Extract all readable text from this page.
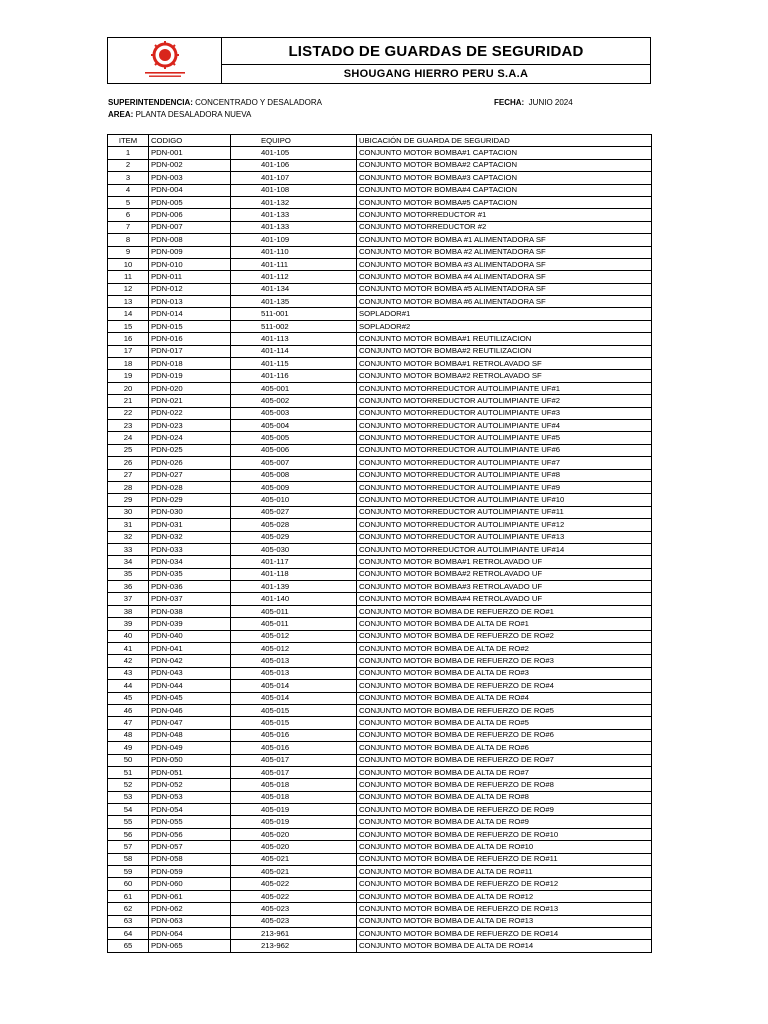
LISTADO DE GUARDAS DE SEGURIDAD
SHOUGANG HIERRO PERU S.A.A
SUPERINTENDENCIA: CONCENTRADO Y DESALADORA	FECHA: JUNIO 2024
AREA: PLANTA DESALADORA NUEVA
ITEM	CODIGO	EQUIPO	UBICACIÓN DE GUARDA DE SEGURIDAD
1	PDN-001	401-105	CONJUNTO MOTOR BOMBA#1 CAPTACION
2	PDN-002	401-106	CONJUNTO MOTOR BOMBA#2 CAPTACION
3	PDN-003	401-107	CONJUNTO MOTOR BOMBA#3 CAPTACION
4	PDN-004	401-108	CONJUNTO MOTOR BOMBA#4 CAPTACION
5	PDN-005	401-132	CONJUNTO MOTOR BOMBA#5 CAPTACION
6	PDN-006	401-133	CONJUNTO MOTORREDUCTOR #1
7	PDN-007	401-133	CONJUNTO MOTORREDUCTOR #2
8	PDN-008	401-109	CONJUNTO MOTOR BOMBA #1 ALIMENTADORA SF
9	PDN-009	401-110	CONJUNTO MOTOR BOMBA #2 ALIMENTADORA SF
10	PDN-010	401-111	CONJUNTO MOTOR BOMBA #3 ALIMENTADORA SF
11	PDN-011	401-112	CONJUNTO MOTOR BOMBA #4 ALIMENTADORA SF
12	PDN-012	401-134	CONJUNTO MOTOR BOMBA #5 ALIMENTADORA SF
13	PDN-013	401-135	CONJUNTO MOTOR BOMBA #6 ALIMENTADORA SF
14	PDN-014	511-001	SOPLADOR#1
15	PDN-015	511-002	SOPLADOR#2
16	PDN-016	401-113	CONJUNTO MOTOR BOMBA#1 REUTILIZACION
17	PDN-017	401-114	CONJUNTO MOTOR BOMBA#2 REUTILIZACION
18	PDN-018	401-115	CONJUNTO MOTOR BOMBA#1 RETROLAVADO SF
19	PDN-019	401-116	CONJUNTO MOTOR BOMBA#2 RETROLAVADO SF
20	PDN-020	405-001	CONJUNTO MOTORREDUCTOR AUTOLIMPIANTE UF#1
21	PDN-021	405-002	CONJUNTO MOTORREDUCTOR AUTOLIMPIANTE UF#2
22	PDN-022	405-003	CONJUNTO MOTORREDUCTOR AUTOLIMPIANTE UF#3
23	PDN-023	405-004	CONJUNTO MOTORREDUCTOR AUTOLIMPIANTE UF#4
24	PDN-024	405-005	CONJUNTO MOTORREDUCTOR AUTOLIMPIANTE UF#5
25	PDN-025	405-006	CONJUNTO MOTORREDUCTOR AUTOLIMPIANTE UF#6
26	PDN-026	405-007	CONJUNTO MOTORREDUCTOR AUTOLIMPIANTE UF#7
27	PDN-027	405-008	CONJUNTO MOTORREDUCTOR AUTOLIMPIANTE UF#8
28	PDN-028	405-009	CONJUNTO MOTORREDUCTOR AUTOLIMPIANTE UF#9
29	PDN-029	405-010	CONJUNTO MOTORREDUCTOR AUTOLIMPIANTE UF#10
30	PDN-030	405-027	CONJUNTO MOTORREDUCTOR AUTOLIMPIANTE UF#11
31	PDN-031	405-028	CONJUNTO MOTORREDUCTOR AUTOLIMPIANTE UF#12
32	PDN-032	405-029	CONJUNTO MOTORREDUCTOR AUTOLIMPIANTE UF#13
33	PDN-033	405-030	CONJUNTO MOTORREDUCTOR AUTOLIMPIANTE UF#14
34	PDN-034	401-117	CONJUNTO MOTOR BOMBA#1 RETROLAVADO UF
35	PDN-035	401-118	CONJUNTO MOTOR BOMBA#2 RETROLAVADO UF
36	PDN-036	401-139	CONJUNTO MOTOR BOMBA#3 RETROLAVADO UF
37	PDN-037	401-140	CONJUNTO MOTOR BOMBA#4 RETROLAVADO UF
38	PDN-038	405-011	CONJUNTO MOTOR BOMBA DE REFUERZO DE RO#1
39	PDN-039	405-011	CONJUNTO MOTOR BOMBA DE ALTA DE RO#1
40	PDN-040	405-012	CONJUNTO MOTOR BOMBA DE REFUERZO DE RO#2
41	PDN-041	405-012	CONJUNTO MOTOR BOMBA DE ALTA DE RO#2
42	PDN-042	405-013	CONJUNTO MOTOR BOMBA DE REFUERZO DE RO#3
43	PDN-043	405-013	CONJUNTO MOTOR BOMBA DE ALTA DE RO#3
44	PDN-044	405-014	CONJUNTO MOTOR BOMBA DE REFUERZO DE RO#4
45	PDN-045	405-014	CONJUNTO MOTOR BOMBA DE ALTA DE RO#4
46	PDN-046	405-015	CONJUNTO MOTOR BOMBA DE REFUERZO DE RO#5
47	PDN-047	405-015	CONJUNTO MOTOR BOMBA DE ALTA DE RO#5
48	PDN-048	405-016	CONJUNTO MOTOR BOMBA DE REFUERZO DE RO#6
49	PDN-049	405-016	CONJUNTO MOTOR BOMBA DE ALTA DE RO#6
50	PDN-050	405-017	CONJUNTO MOTOR BOMBA DE REFUERZO DE RO#7
51	PDN-051	405-017	CONJUNTO MOTOR BOMBA DE ALTA DE RO#7
52	PDN-052	405-018	CONJUNTO MOTOR BOMBA DE REFUERZO DE RO#8
53	PDN-053	405-018	CONJUNTO MOTOR BOMBA DE ALTA DE RO#8
54	PDN-054	405-019	CONJUNTO MOTOR BOMBA DE REFUERZO DE RO#9
55	PDN-055	405-019	CONJUNTO MOTOR BOMBA DE ALTA DE RO#9
56	PDN-056	405-020	CONJUNTO MOTOR BOMBA DE REFUERZO DE RO#10
57	PDN-057	405-020	CONJUNTO MOTOR BOMBA DE ALTA DE RO#10
58	PDN-058	405-021	CONJUNTO MOTOR BOMBA DE REFUERZO DE RO#11
59	PDN-059	405-021	CONJUNTO MOTOR BOMBA DE ALTA DE RO#11
60	PDN-060	405-022	CONJUNTO MOTOR BOMBA DE REFUERZO DE RO#12
61	PDN-061	405-022	CONJUNTO MOTOR BOMBA DE ALTA DE RO#12
62	PDN-062	405-023	CONJUNTO MOTOR BOMBA DE REFUERZO DE RO#13
63	PDN-063	405-023	CONJUNTO MOTOR BOMBA DE ALTA DE RO#13
64	PDN-064	213-961	CONJUNTO MOTOR BOMBA DE REFUERZO DE RO#14
65	PDN-065	213-962	CONJUNTO MOTOR BOMBA DE ALTA DE RO#14
